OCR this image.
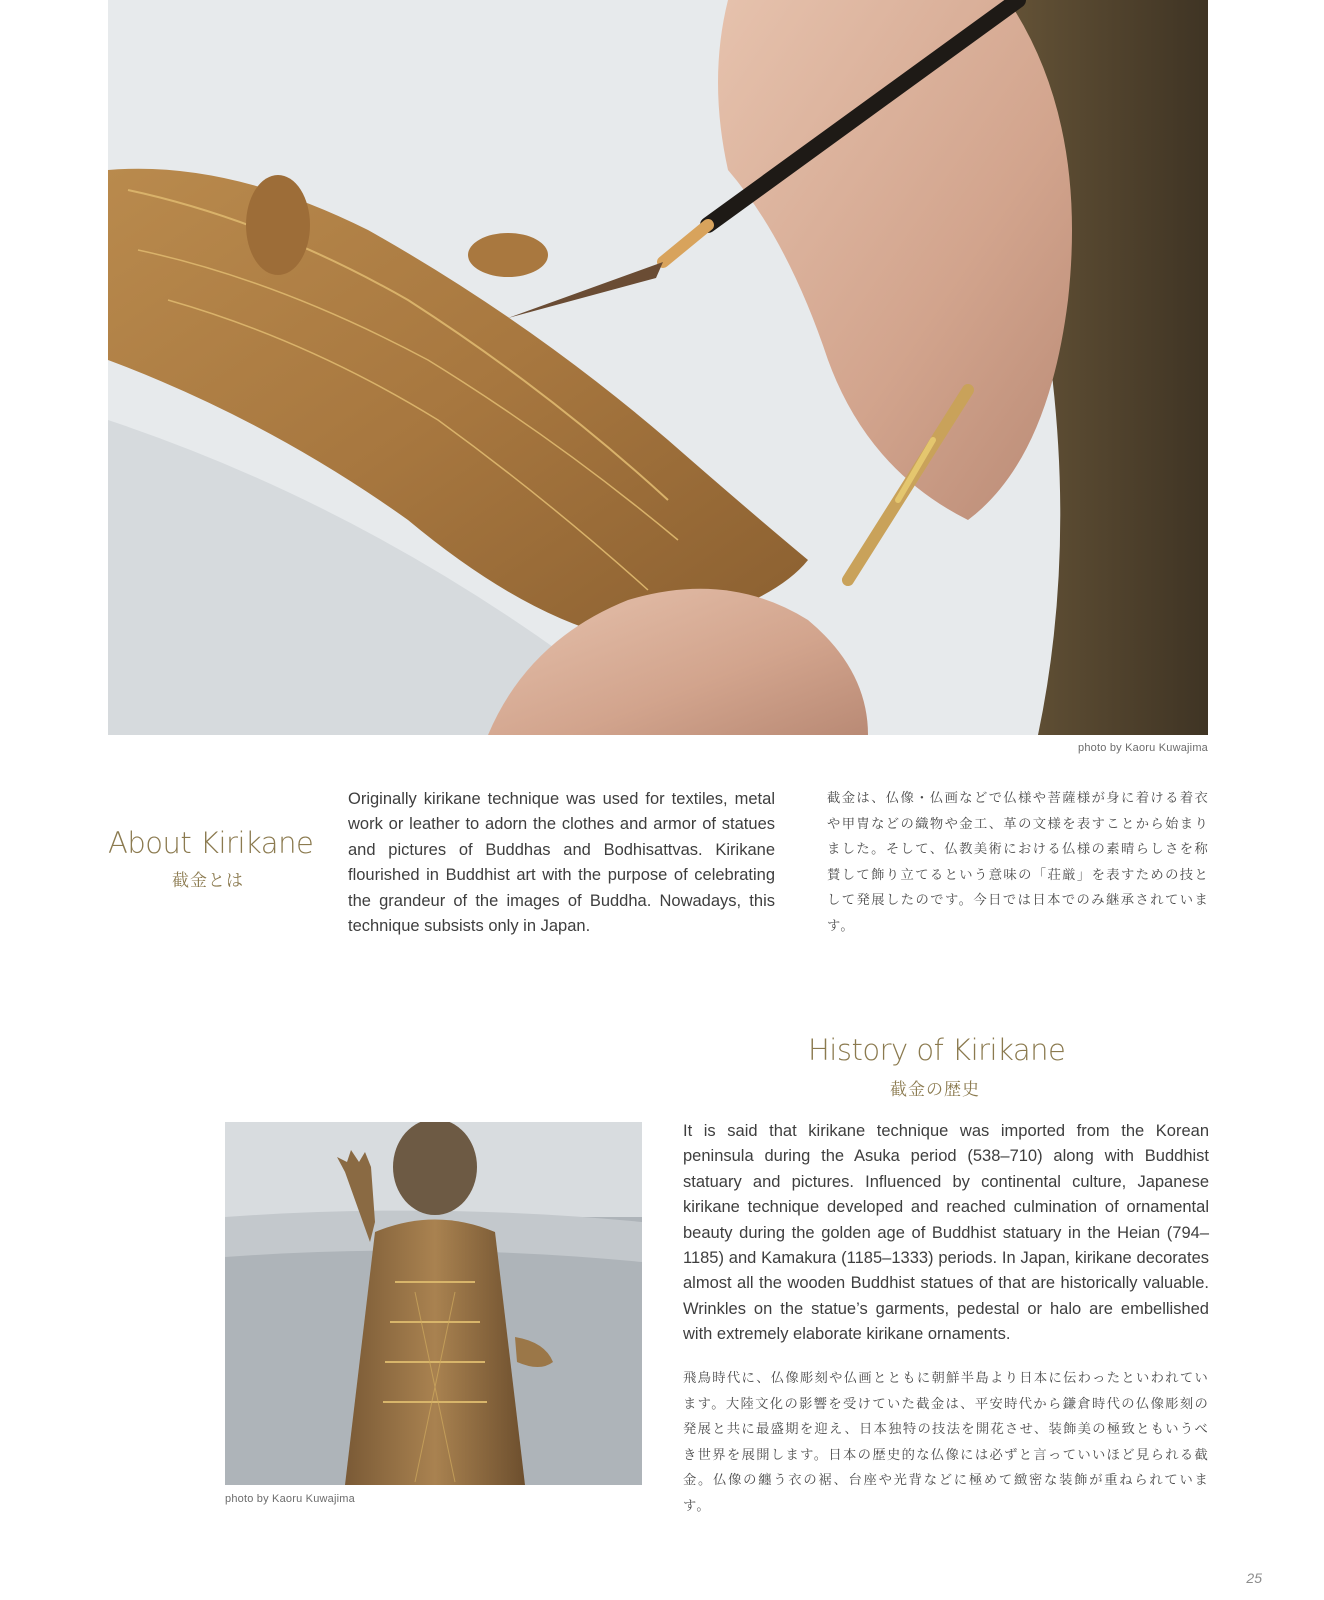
photo by Kaoru Kuwajima
About Kirikane
截金とは
Originally kirikane technique was used for textiles, metal work or leather to adorn the clothes and armor of statues and pictures of Buddhas and Bodhisattvas. Kirikane flourished in Buddhist art with the purpose of celebrating the grandeur of the images of Buddha. Nowadays, this technique subsists only in Japan.
截金は、仏像・仏画などで仏様や菩薩様が身に着ける着衣や甲冑などの織物や金工、革の文様を表すことから始まりました。そして、仏教美術における仏様の素晴らしさを称賛して飾り立てるという意味の「荘厳」を表すための技として発展したのです。今日では日本でのみ継承されています。
History of Kirikane
截金の歴史
photo by Kaoru Kuwajima
It is said that kirikane technique was imported from the Korean peninsula during the Asuka period (538–710) along with Buddhist statuary and pictures. Influenced by continental culture, Japanese kirikane technique developed and reached culmination of ornamental beauty during the golden age of Buddhist statuary in the Heian (794–1185) and Kamakura (1185–1333) periods. In Japan, kirikane decorates almost all the wooden Buddhist statues of that are historically valuable. Wrinkles on the statue’s garments, pedestal or halo are embellished with extremely elaborate kirikane ornaments.
飛鳥時代に、仏像彫刻や仏画とともに朝鮮半島より日本に伝わったといわれています。大陸文化の影響を受けていた截金は、平安時代から鎌倉時代の仏像彫刻の発展と共に最盛期を迎え、日本独特の技法を開花させ、装飾美の極致ともいうべき世界を展開します。日本の歴史的な仏像には必ずと言っていいほど見られる截金。仏像の纏う衣の裾、台座や光背などに極めて緻密な装飾が重ねられています。
25
